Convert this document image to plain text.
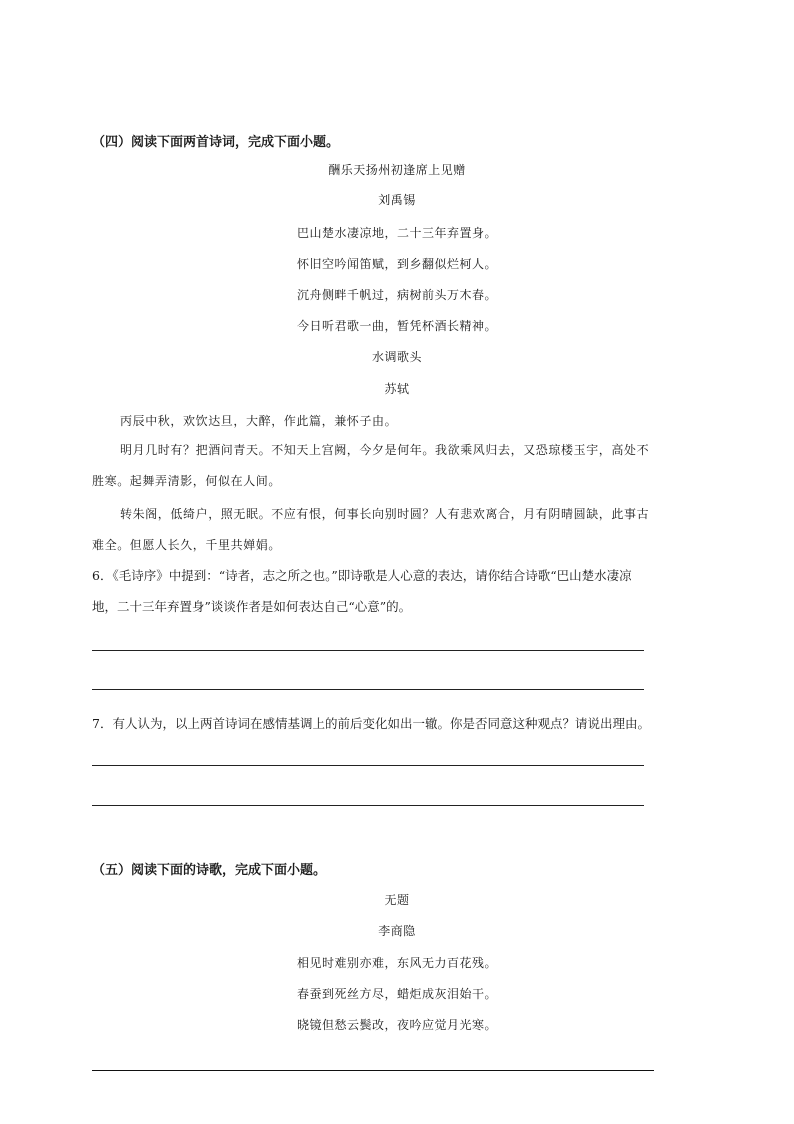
（四）阅读下面两首诗词，完成下面小题。
酬乐天扬州初逢席上见赠
刘禹锡
巴山楚水凄凉地，二十三年弃置身。
怀旧空吟闻笛赋，到乡翻似烂柯人。
沉舟侧畔千帆过，病树前头万木春。
今日听君歌一曲，暂凭杯酒长精神。
水调歌头
苏轼
丙辰中秋，欢饮达旦，大醉，作此篇，兼怀子由。
明月几时有？把酒问青天。不知天上宫阙，今夕是何年。我欲乘风归去，又恐琼楼玉宇，高处不
胜寒。起舞弄清影，何似在人间。
转朱阁，低绮户，照无眠。不应有恨，何事长向别时圆？人有悲欢离合，月有阴晴圆缺，此事古
难全。但愿人长久，千里共婵娟。
6．《毛诗序》中提到：“诗者，志之所之也。”即诗歌是人心意的表达，请你结合诗歌“巴山楚水凄凉
地，二十三年弃置身”谈谈作者是如何表达自己“心意”的。
7．有人认为，以上两首诗词在感情基调上的前后变化如出一辙。你是否同意这种观点？请说出理由。
（五）阅读下面的诗歌，完成下面小题。
无题
李商隐
相见时难别亦难，东风无力百花残。
春蚕到死丝方尽，蜡炬成灰泪始干。
晓镜但愁云鬓改，夜吟应觉月光寒。
